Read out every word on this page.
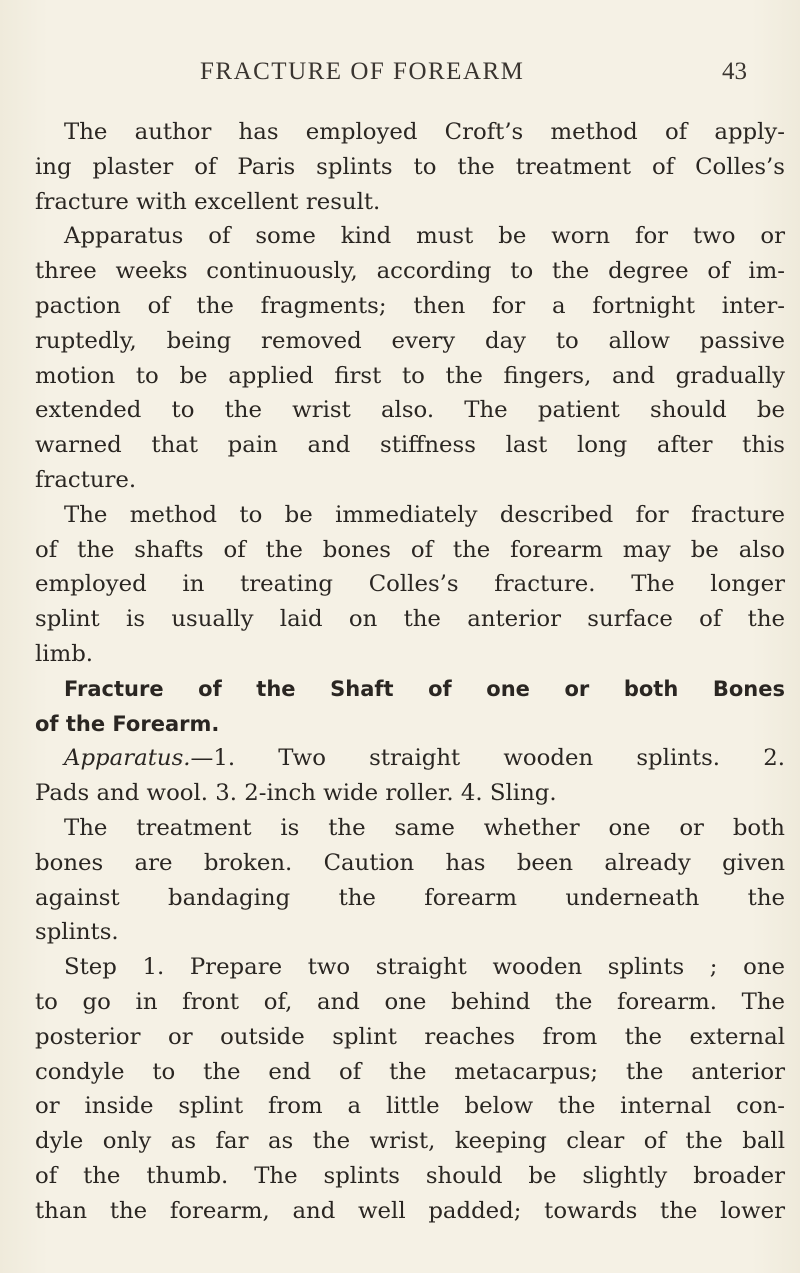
FRACTURE OF FOREARM	43
The author has employed Croft’s method of apply-
ing plaster of Paris splints to the treatment of Colles’s
fracture with excellent result.
Apparatus of some kind must be worn for two or
three weeks continuously, according to the degree of im-
paction of the fragments; then for a fortnight inter-
ruptedly, being removed every day to allow passive
motion to be applied first to the fingers, and gradually
extended to the wrist also. The patient should be
warned that pain and stiffness last long after this
fracture.
The method to be immediately described for fracture
of the shafts of the bones of the forearm may be also
employed in treating Colles’s fracture. The longer
splint is usually laid on the anterior surface of the
limb.
Fracture of the Shaft of one or both Bones
of the Forearm.
Apparatus.—1. Two straight wooden splints. 2.
Pads and wool. 3. 2-inch wide roller. 4. Sling.
The treatment is the same whether one or both
bones are broken. Caution has been already given
against bandaging the forearm underneath the
splints.
Step 1. Prepare two straight wooden splints ; one
to go in front of, and one behind the forearm. The
posterior or outside splint reaches from the external
condyle to the end of the metacarpus; the anterior
or inside splint from a little below the internal con-
dyle only as far as the wrist, keeping clear of the ball
of the thumb. The splints should be slightly broader
than the forearm, and well padded; towards the lower
